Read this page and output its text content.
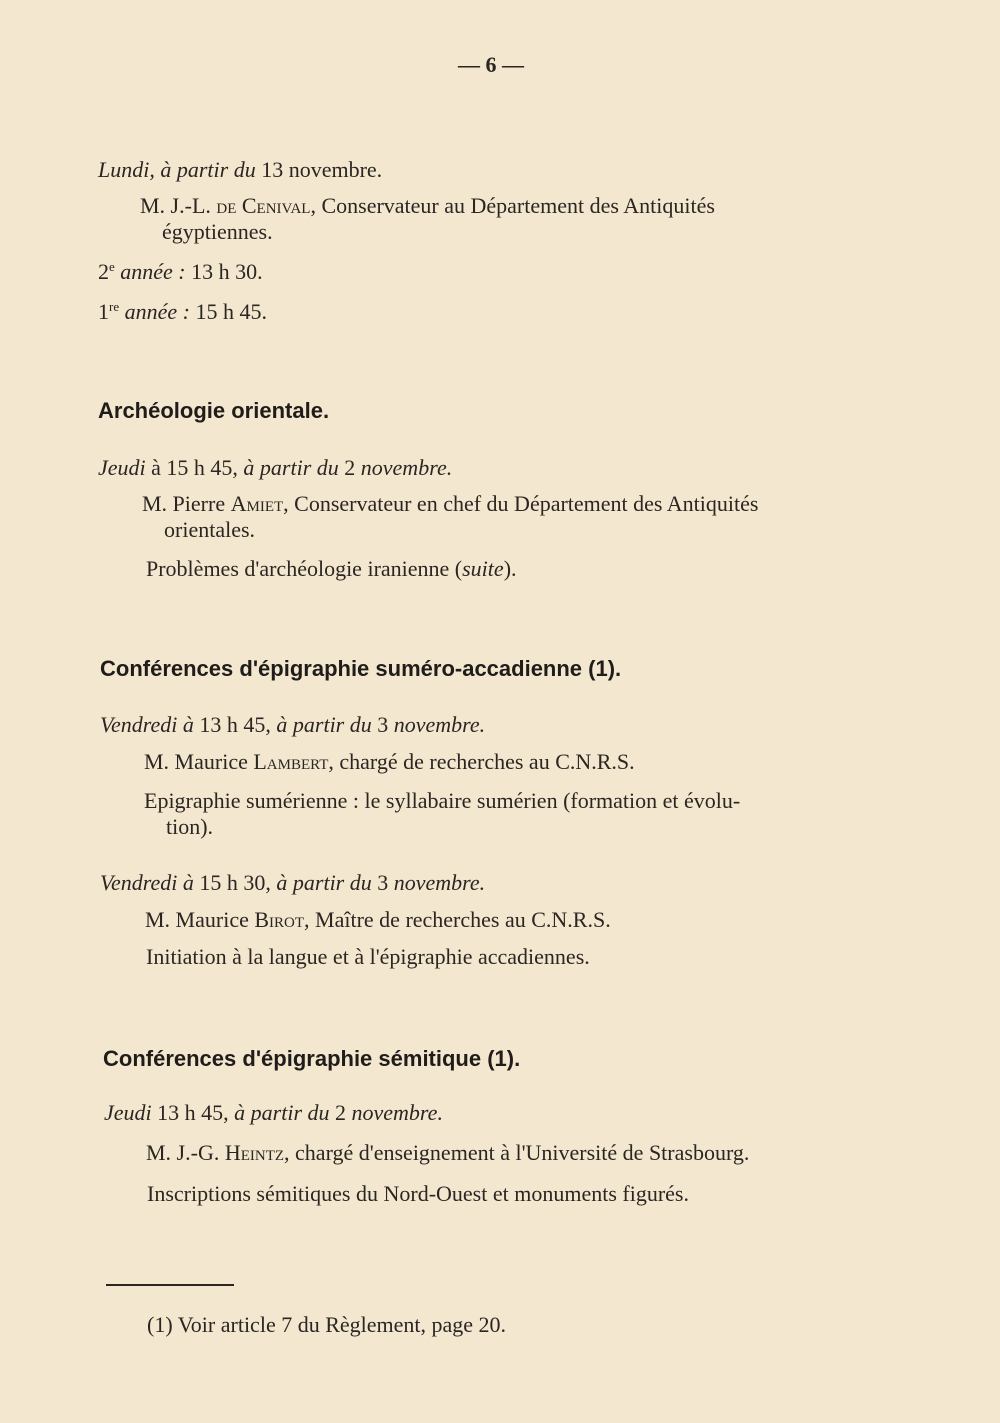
— 6 —
Lundi, à partir du 13 novembre.
M. J.-L. de Cenival, Conservateur au Département des Antiquités
égyptiennes.
2e année : 13 h 30.
1re année : 15 h 45.
Archéologie orientale.
Jeudi à 15 h 45, à partir du 2 novembre.
M. Pierre Amiet, Conservateur en chef du Département des Antiquités
orientales.
Problèmes d'archéologie iranienne (suite).
Conférences d'épigraphie suméro-accadienne (1).
Vendredi à 13 h 45, à partir du 3 novembre.
M. Maurice Lambert, chargé de recherches au C.N.R.S.
Epigraphie sumérienne : le syllabaire sumérien (formation et évolu-
tion).
Vendredi à 15 h 30, à partir du 3 novembre.
M. Maurice Birot, Maître de recherches au C.N.R.S.
Initiation à la langue et à l'épigraphie accadiennes.
Conférences d'épigraphie sémitique (1).
Jeudi 13 h 45, à partir du 2 novembre.
M. J.-G. Heintz, chargé d'enseignement à l'Université de Strasbourg.
Inscriptions sémitiques du Nord-Ouest et monuments figurés.
(1) Voir article 7 du Règlement, page 20.
